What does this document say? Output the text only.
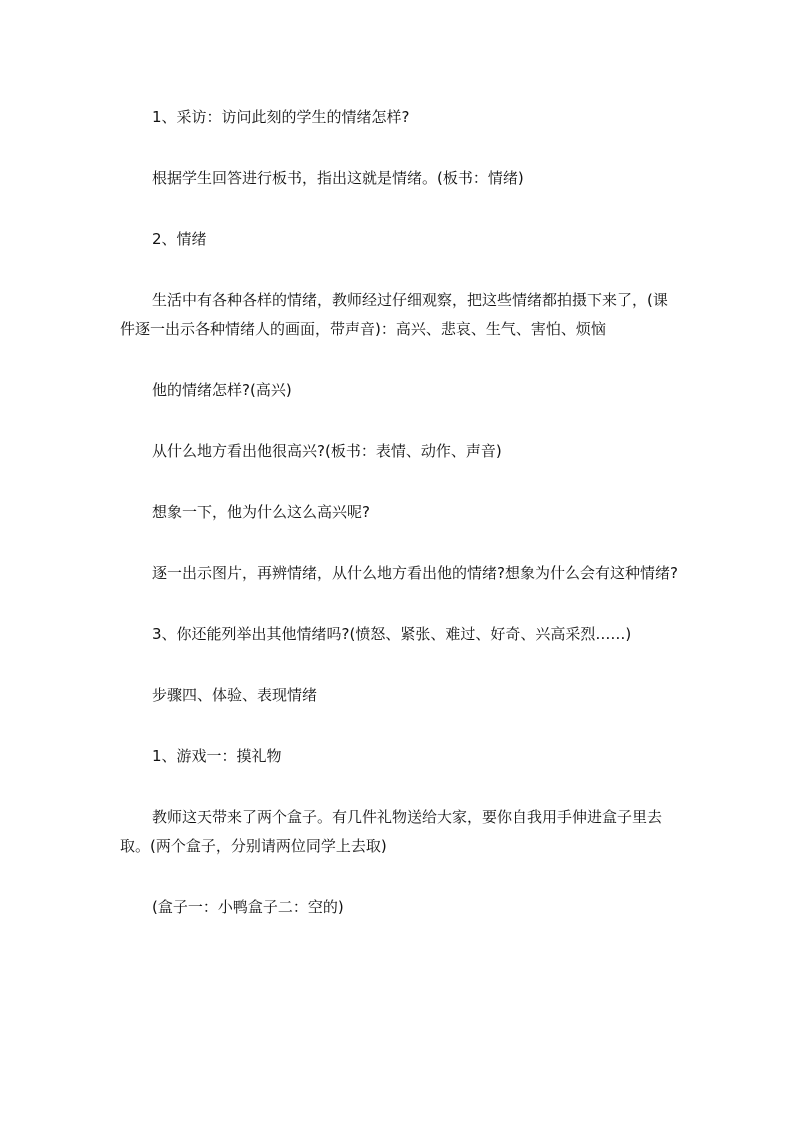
1、采访：访问此刻的学生的情绪怎样?

根据学生回答进行板书，指出这就是情绪。(板书：情绪)

2、情绪

生活中有各种各样的情绪，教师经过仔细观察，把这些情绪都拍摄下来了，(课件逐一出示各种情绪人的画面，带声音)：高兴、悲哀、生气、害怕、烦恼

他的情绪怎样?(高兴)

从什么地方看出他很高兴?(板书：表情、动作、声音)

想象一下，他为什么这么高兴呢?

逐一出示图片，再辨情绪，从什么地方看出他的情绪?想象为什么会有这种情绪?

3、你还能列举出其他情绪吗?(愤怒、紧张、难过、好奇、兴高采烈……)

步骤四、体验、表现情绪

1、游戏一：摸礼物

教师这天带来了两个盒子。有几件礼物送给大家，要你自我用手伸进盒子里去取。(两个盒子，分别请两位同学上去取)

(盒子一：小鸭盒子二：空的)
